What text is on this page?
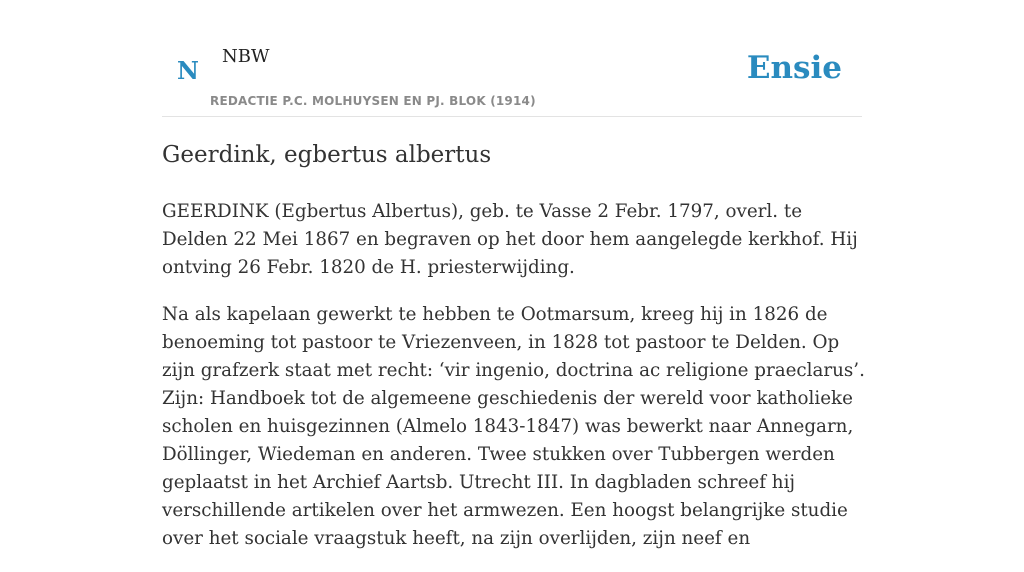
N NBW
REDACTIE P.C. MOLHUYSEN EN PJ. BLOK (1914)
Ensie
Geerdink, egbertus albertus

GEERDINK (Egbertus Albertus), geb. te Vasse 2 Febr. 1797, overl. te Delden 22 Mei 1867 en begraven op het door hem aangelegde kerkhof. Hij ontving 26 Febr. 1820 de H. priesterwijding.

Na als kapelaan gewerkt te hebben te Ootmarsum, kreeg hij in 1826 de benoeming tot pastoor te Vriezenveen, in 1828 tot pastoor te Delden. Op zijn grafzerk staat met recht: ‘vir ingenio, doctrina ac religione praeclarus’. Zijn: Handboek tot de algemeene geschiedenis der wereld voor katholieke scholen en huisgezinnen (Almelo 1843-1847) was bewerkt naar Annegarn, Döllinger, Wiedeman en anderen. Twee stukken over Tubbergen werden geplaatst in het Archief Aartsb. Utrecht III. In dagbladen schreef hij verschillende artikelen over het armwezen. Een hoogst belangrijke studie over het sociale vraagstuk heeft, na zijn overlijden, zijn neef en
